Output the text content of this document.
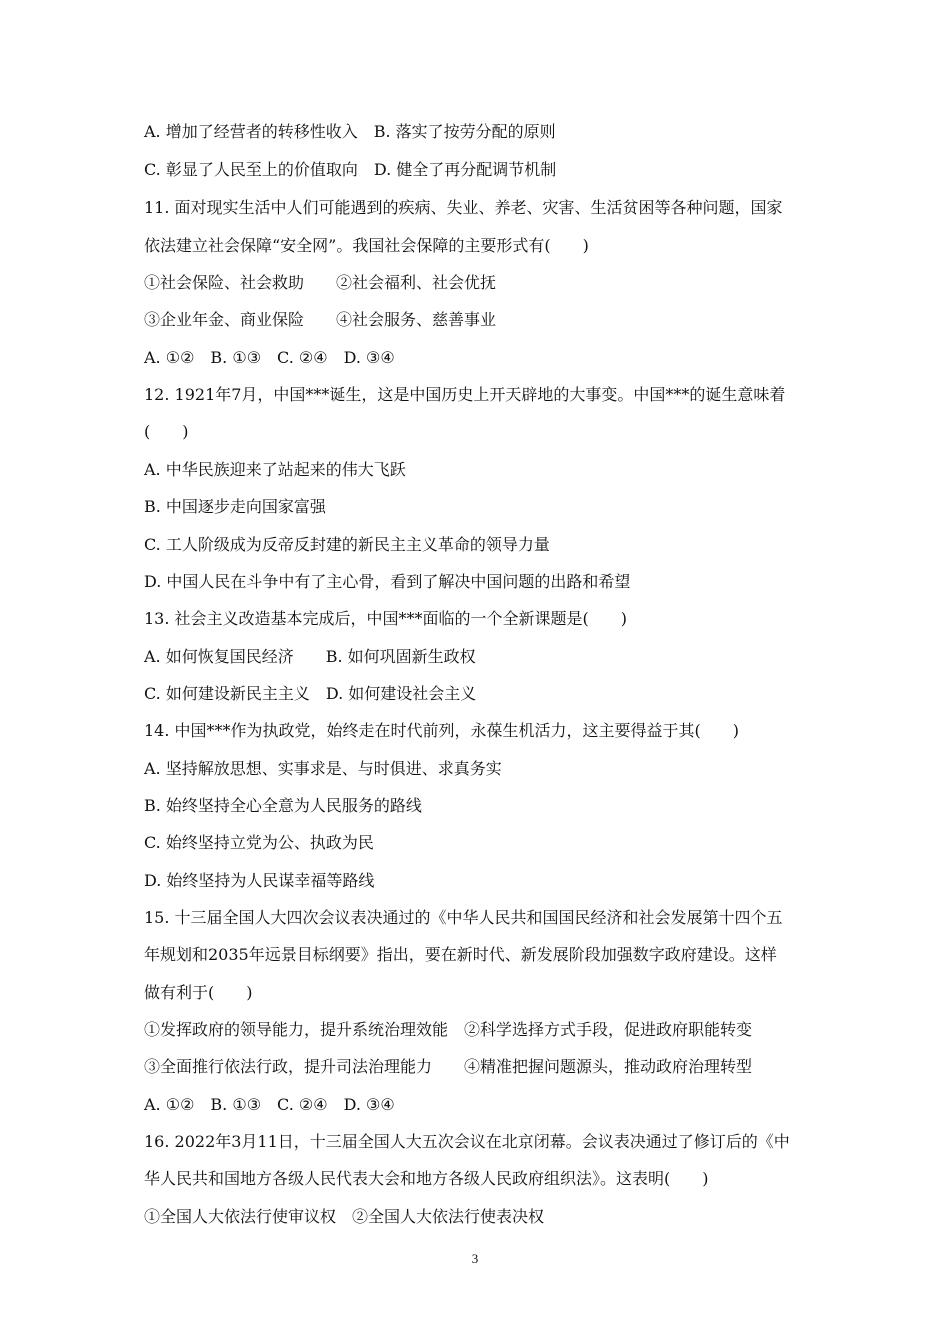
A. 增加了经营者的转移性收入　B. 落实了按劳分配的原则
C. 彰显了人民至上的价值取向　D. 健全了再分配调节机制
11. 面对现实生活中人们可能遇到的疾病、失业、养老、灾害、生活贫困等各种问题，国家
依法建立社会保障“安全网”。我国社会保障的主要形式有(　　)
①社会保险、社会救助　　②社会福利、社会优抚
③企业年金、商业保险　　④社会服务、慈善事业
A. ①②　B. ①③　C. ②④　D. ③④
12. 1921年7月，中国***诞生，这是中国历史上开天辟地的大事变。中国***的诞生意味着
(　　)
A. 中华民族迎来了站起来的伟大飞跃
B. 中国逐步走向国家富强
C. 工人阶级成为反帝反封建的新民主主义革命的领导力量
D. 中国人民在斗争中有了主心骨，看到了解决中国问题的出路和希望
13. 社会主义改造基本完成后，中国***面临的一个全新课题是(　　)
A. 如何恢复国民经济　　B. 如何巩固新生政权
C. 如何建设新民主主义　D. 如何建设社会主义
14. 中国***作为执政党，始终走在时代前列，永葆生机活力，这主要得益于其(　　)
A. 坚持解放思想、实事求是、与时俱进、求真务实
B. 始终坚持全心全意为人民服务的路线
C. 始终坚持立党为公、执政为民
D. 始终坚持为人民谋幸福等路线
15. 十三届全国人大四次会议表决通过的《中华人民共和国国民经济和社会发展第十四个五
年规划和2035年远景目标纲要》指出，要在新时代、新发展阶段加强数字政府建设。这样
做有利于(　　)
①发挥政府的领导能力，提升系统治理效能　②科学选择方式手段，促进政府职能转变
③全面推行依法行政，提升司法治理能力　　④精准把握问题源头，推动政府治理转型
A. ①②　B. ①③　C. ②④　D. ③④
16. 2022年3月11日，十三届全国人大五次会议在北京闭幕。会议表决通过了修订后的《中
华人民共和国地方各级人民代表大会和地方各级人民政府组织法》。这表明(　　)
①全国人大依法行使审议权　②全国人大依法行使表决权
3
